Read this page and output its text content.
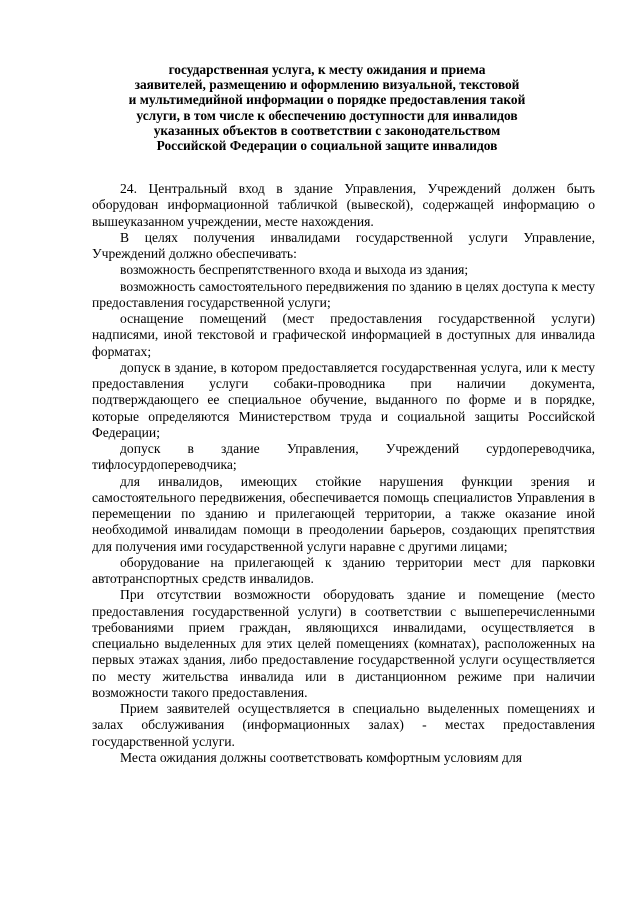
государственная услуга, к месту ожидания и приема
заявителей, размещению и оформлению визуальной, текстовой
и мультимедийной информации о порядке предоставления такой
услуги, в том числе к обеспечению доступности для инвалидов
указанных объектов в соответствии с законодательством
Российской Федерации о социальной защите инвалидов

24. Центральный вход в здание Управления, Учреждений должен быть оборудован информационной табличкой (вывеской), содержащей информацию о вышеуказанном учреждении, месте нахождения.

В целях получения инвалидами государственной услуги Управление, Учреждений должно обеспечивать:

возможность беспрепятственного входа и выхода из здания;

возможность самостоятельного передвижения по зданию в целях доступа к месту предоставления государственной услуги;

оснащение помещений (мест предоставления государственной услуги) надписями, иной текстовой и графической информацией в доступных для инвалида форматах;

допуск в здание, в котором предоставляется государственная услуга, или к месту предоставления услуги собаки-проводника при наличии документа, подтверждающего ее специальное обучение, выданного по форме и в порядке, которые определяются Министерством труда и социальной защиты Российской Федерации;

допуск в здание Управления, Учреждений сурдопереводчика, тифлосурдопереводчика;

для инвалидов, имеющих стойкие нарушения функции зрения и самостоятельного передвижения, обеспечивается помощь специалистов Управления в перемещении по зданию и прилегающей территории, а также оказание иной необходимой инвалидам помощи в преодолении барьеров, создающих препятствия для получения ими государственной услуги наравне с другими лицами;

оборудование на прилегающей к зданию территории мест для парковки автотранспортных средств инвалидов.

При отсутствии возможности оборудовать здание и помещение (место предоставления государственной услуги) в соответствии с вышеперечисленными требованиями прием граждан, являющихся инвалидами, осуществляется в специально выделенных для этих целей помещениях (комнатах), расположенных на первых этажах здания, либо предоставление государственной услуги осуществляется по месту жительства инвалида или в дистанционном режиме при наличии возможности такого предоставления.

Прием заявителей осуществляется в специально выделенных помещениях и залах обслуживания (информационных залах) - местах предоставления государственной услуги.

Места ожидания должны соответствовать комфортным условиям для
